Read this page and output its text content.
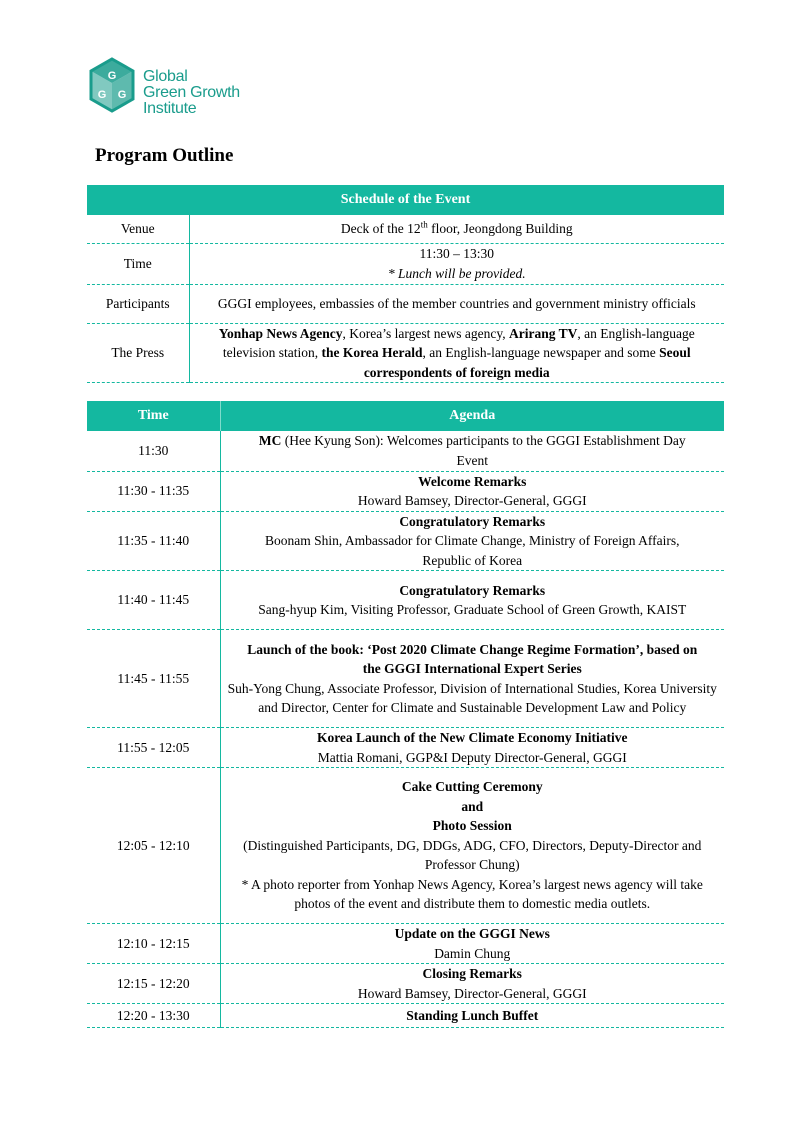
G
G G
Global
Green Growth
Institute
Program Outline
Schedule of the Event	
Venue	Deck of the 12th floor, Jeongdong Building
Time	11:30 – 13:30
* Lunch will be provided.

Participants	GGGI employees, embassies of the member countries and government ministry officials

The Press	Yonhap News Agency, Korea’s largest news agency, Arirang TV, an English-language television station, the Korea Herald, an English-language newspaper and some Seoul correspondents of foreign media
Time	Agenda
11:30	MC (Hee Kyung Son): Welcomes participants to the GGGI Establishment Day Event

11:30 - 11:35	Welcome Remarks
Howard Bamsey, Director-General, GGGI

11:35 - 11:40	Congratulatory Remarks
Boonam Shin, Ambassador for Climate Change, Ministry of Foreign Affairs, Republic of Korea

11:40 - 11:45	Congratulatory Remarks
Sang-hyup Kim, Visiting Professor, Graduate School of Green Growth, KAIST

11:45 - 11:55	Launch of the book: ‘Post 2020 Climate Change Regime Formation’, based on the GGGI International Expert Series
Suh-Yong Chung, Associate Professor, Division of International Studies, Korea University and Director, Center for Climate and Sustainable Development Law and Policy

11:55 - 12:05	Korea Launch of the New Climate Economy Initiative
Mattia Romani, GGP&I Deputy Director-General, GGGI

12:05 - 12:10	Cake Cutting Ceremony
and
Photo Session
(Distinguished Participants, DG, DDGs, ADG, CFO, Directors, Deputy-Director and Professor Chung)
* A photo reporter from Yonhap News Agency, Korea’s largest news agency will take photos of the event and distribute them to domestic media outlets.

12:10 - 12:15	Update on the GGGI News
Damin Chung

12:15 - 12:20	Closing Remarks
Howard Bamsey, Director-General, GGGI

12:20 - 13:30	Standing Lunch Buffet
